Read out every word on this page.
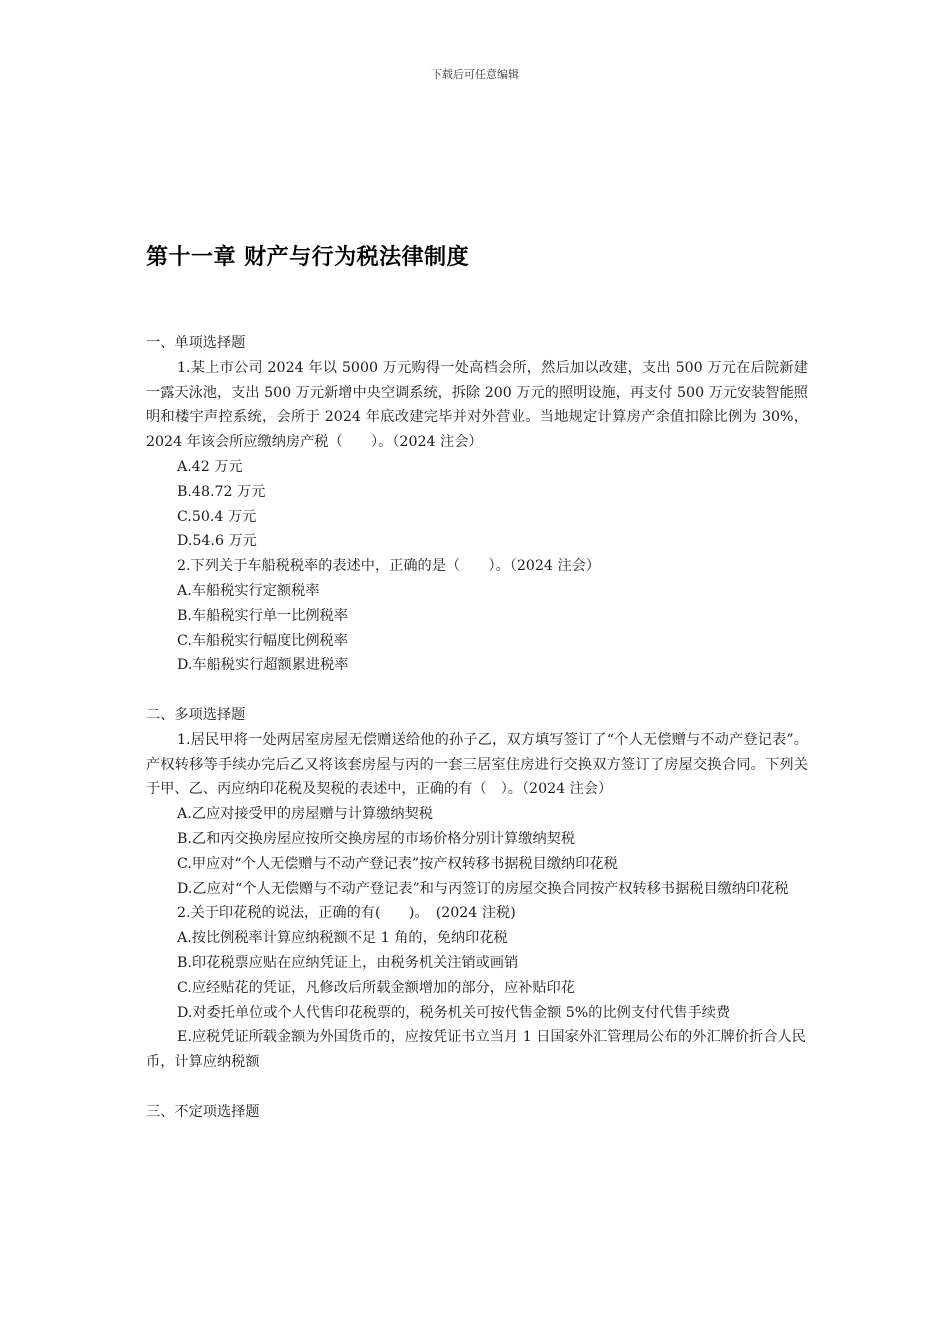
下载后可任意编辑
第十一章 财产与行为税法律制度

一、单项选择题

1.某上市公司 2024 年以 5000 万元购得一处高档会所，然后加以改建，支出 500 万元在后院新建一露天泳池，支出 500 万元新增中央空调系统，拆除 200 万元的照明设施，再支付 500 万元安装智能照明和楼宇声控系统，会所于 2024 年底改建完毕并对外营业。当地规定计算房产余值扣除比例为 30%，2024 年该会所应缴纳房产税（　　）。（2024 注会）

A.42 万元

B.48.72 万元

C.50.4 万元

D.54.6 万元

2.下列关于车船税税率的表述中，正确的是（　　）。（2024 注会）

A.车船税实行定额税率

B.车船税实行单一比例税率

C.车船税实行幅度比例税率

D.车船税实行超额累进税率

二、多项选择题

1.居民甲将一处两居室房屋无偿赠送给他的孙子乙，双方填写签订了“个人无偿赠与不动产登记表”。产权转移等手续办完后乙又将该套房屋与丙的一套三居室住房进行交换双方签订了房屋交换合同。下列关于甲、乙、丙应纳印花税及契税的表述中，正确的有（　）。（2024 注会）

A.乙应对接受甲的房屋赠与计算缴纳契税

B.乙和丙交换房屋应按所交换房屋的市场价格分别计算缴纳契税

C.甲应对“个人无偿赠与不动产登记表”按产权转移书据税目缴纳印花税

D.乙应对“个人无偿赠与不动产登记表”和与丙签订的房屋交换合同按产权转移书据税目缴纳印花税

2.关于印花税的说法，正确的有(　　)。　(2024 注税)

A.按比例税率计算应纳税额不足 1 角的，免纳印花税

B.印花税票应贴在应纳凭证上，由税务机关注销或画销

C.应经贴花的凭证，凡修改后所载金额增加的部分，应补贴印花

D.对委托单位或个人代售印花税票的，税务机关可按代售金额 5%的比例支付代售手续费

E.应税凭证所载金额为外国货币的，应按凭证书立当月 1 日国家外汇管理局公布的外汇牌价折合人民币，计算应纳税额

三、不定项选择题
